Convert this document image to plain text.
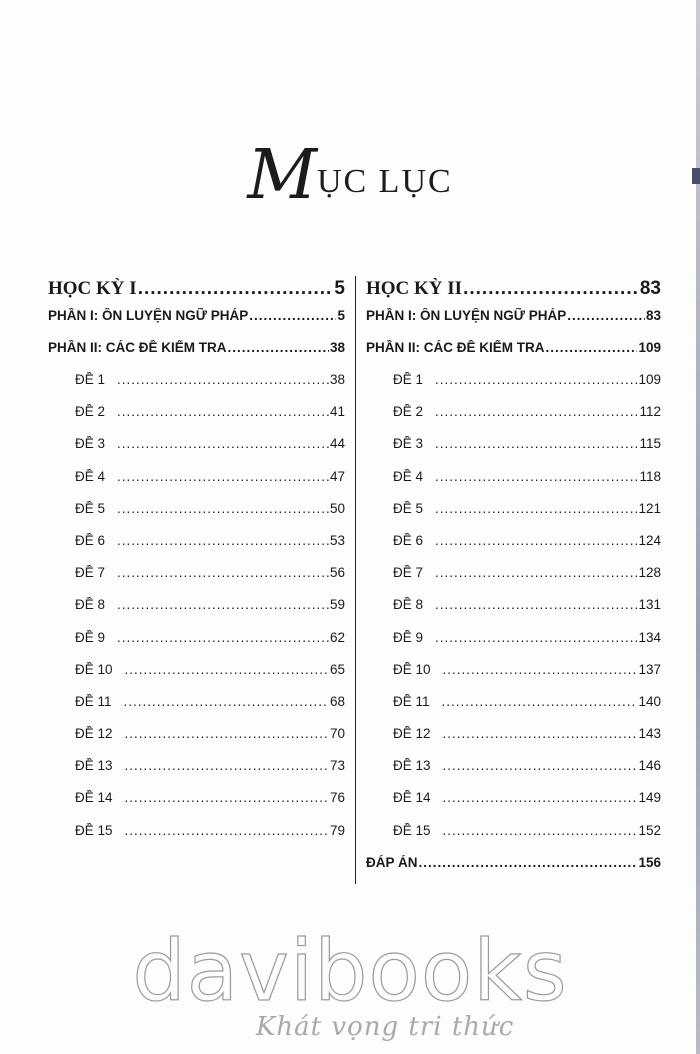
MỤC LỤC
HỌC KỲ I .....	5
PHẦN I: ÔN LUYỆN NGỮ PHÁP .....	5
PHẦN II: CÁC ĐỀ KIỂM TRA .....	38
ĐỀ 1 .....	38
ĐỀ 2 .....	41
ĐỀ 3 .....	44
ĐỀ 4 .....	47
ĐỀ 5 .....	50
ĐỀ 6 .....	53
ĐỀ 7 .....	56
ĐỀ 8 .....	59
ĐỀ 9 .....	62
ĐỀ 10 .....	65
ĐỀ 11 .....	68
ĐỀ 12 .....	70
ĐỀ 13 .....	73
ĐỀ 14 .....	76
ĐỀ 15 .....	79
HỌC KỲ II .....	83
PHẦN I: ÔN LUYỆN NGỮ PHÁP .....	83
PHẦN II: CÁC ĐỀ KIỂM TRA .....	109
ĐỀ 1 .....	109
ĐỀ 2 .....	112
ĐỀ 3 .....	115
ĐỀ 4 .....	118
ĐỀ 5 .....	121
ĐỀ 6 .....	124
ĐỀ 7 .....	128
ĐỀ 8 .....	131
ĐỀ 9 .....	134
ĐỀ 10 .....	137
ĐỀ 11 .....	140
ĐỀ 12 .....	143
ĐỀ 13 .....	146
ĐỀ 14 .....	149
ĐỀ 15 .....	152
ĐÁP ÁN .....	156
davibooks
Khát vọng tri thức
